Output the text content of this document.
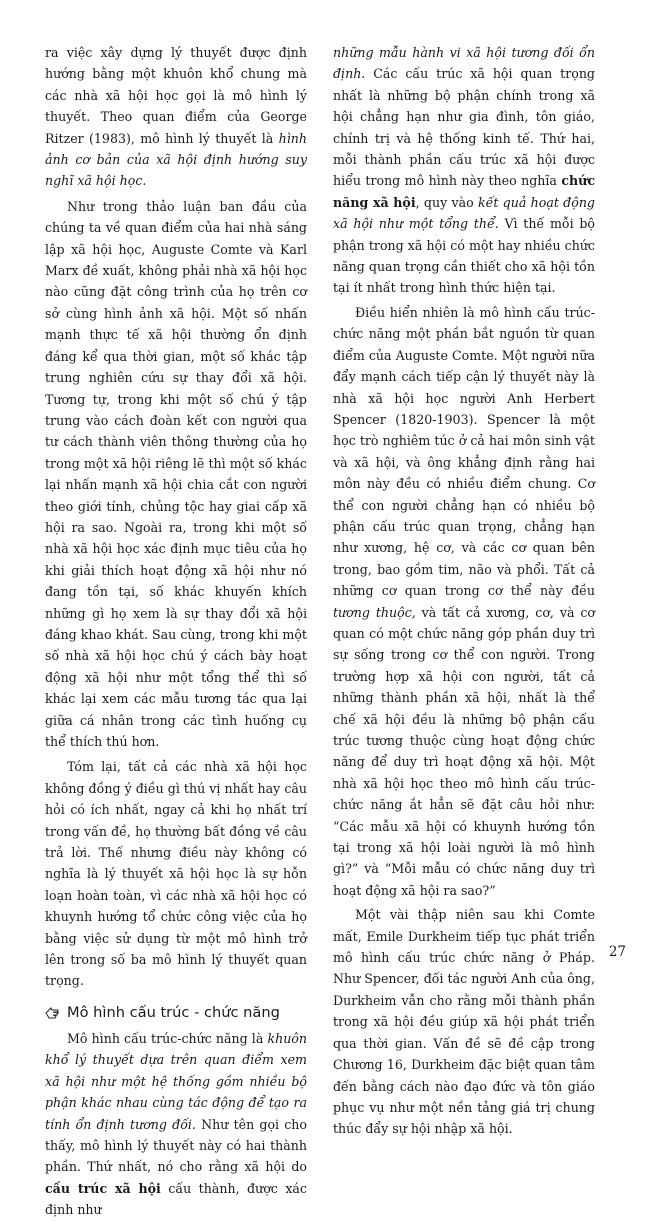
ra việc xây dựng lý thuyết được định hướng bằng một khuôn khổ chung mà các nhà xã hội học gọi là mô hình lý thuyết. Theo quan điểm của George Ritzer (1983), mô hình lý thuyết là hình ảnh cơ bản của xã hội định hướng suy nghĩ xã hội học.

Như trong thảo luận ban đầu của chúng ta về quan điểm của hai nhà sáng lập xã hội học, Auguste Comte và Karl Marx đề xuất, không phải nhà xã hội học nào cũng đặt công trình của họ trên cơ sở cùng hình ảnh xã hội. Một số nhấn mạnh thực tế xã hội thường ổn định đáng kể qua thời gian, một số khác tập trung nghiên cứu sự thay đổi xã hội. Tương tự, trong khi một số chú ý tập trung vào cách đoàn kết con người qua tư cách thành viên thông thường của họ trong một xã hội riêng lẽ thì một số khác lại nhấn mạnh xã hội chia cắt con người theo giới tính, chủng tộc hay giai cấp xã hội ra sao. Ngoài ra, trong khi một số nhà xã hội học xác định mục tiêu của họ khi giải thích hoạt động xã hội như nó đang tồn tại, số khác khuyến khích những gì họ xem là sự thay đổi xã hội đáng khao khát. Sau cùng, trong khi một số nhà xã hội học chú ý cách bày hoạt động xã hội như một tổng thể thì số khác lại xem các mẫu tương tác qua lại giữa cá nhân trong các tình huống cụ thể thích thú hơn.

Tóm lại, tất cả các nhà xã hội học không đồng ý điều gì thú vị nhất hay câu hỏi có ích nhất, ngay cả khi họ nhất trí trong vấn đề, họ thường bất đồng về câu trả lời. Thế nhưng điều này không có nghĩa là lý thuyết xã hội học là sự hỗn loạn hoàn toàn, vì các nhà xã hội học có khuynh hướng tổ chức công việc của họ bằng việc sử dụng từ một mô hình trở lên trong số ba mô hình lý thuyết quan trọng.

Mô hình cấu trúc - chức năng

Mô hình cấu trúc-chức năng là khuôn khổ lý thuyết dựa trên quan điểm xem xã hội như một hệ thống gồm nhiều bộ phận khác nhau cùng tác động để tạo ra tính ổn định tương đối. Như tên gọi cho thấy, mô hình lý thuyết này có hai thành phần. Thứ nhất, nó cho rằng xã hội do cấu trúc xã hội cấu thành, được xác định như

những mẫu hành vi xã hội tương đối ổn định. Các cấu trúc xã hội quan trọng nhất là những bộ phận chính trong xã hội chẳng hạn như gia đình, tôn giáo, chính trị và hệ thống kinh tế. Thứ hai, mỗi thành phần cấu trúc xã hội được hiểu trong mô hình này theo nghĩa chức năng xã hội, quy vào kết quả hoạt động xã hội như một tổng thể. Vì thế mỗi bộ phận trong xã hội có một hay nhiều chức năng quan trọng cần thiết cho xã hội tồn tại ít nhất trong hình thức hiện tại.

Điều hiển nhiên là mô hình cấu trúc-chức năng một phần bắt nguồn từ quan điểm của Auguste Comte. Một người nữa đẩy mạnh cách tiếp cận lý thuyết này là nhà xã hội học người Anh Herbert Spencer (1820-1903). Spencer là một học trò nghiêm túc ở cả hai môn sinh vật và xã hội, và ông khẳng định rằng hai môn này đều có nhiều điểm chung. Cơ thể con người chẳng hạn có nhiều bộ phận cấu trúc quan trọng, chẳng hạn như xương, hệ cơ, và các cơ quan bên trong, bao gồm tim, não và phổi. Tất cả những cơ quan trong cơ thể này đều tương thuộc, và tất cả xương, cơ, và cơ quan có một chức năng góp phần duy trì sự sống trong cơ thể con người. Trong trường hợp xã hội con người, tất cả những thành phần xã hội, nhất là thể chế xã hội đều là những bộ phận cấu trúc tương thuộc cùng hoạt động chức năng để duy trì hoạt động xã hội. Một nhà xã hội học theo mô hình cấu trúc-chức năng ắt hẳn sẽ đặt câu hỏi như: “Các mẫu xã hội có khuynh hướng tồn tại trong xã hội loài người là mô hình gì?” và “Mỗi mẫu có chức năng duy trì hoạt động xã hội ra sao?”

Một vài thập niên sau khi Comte mất, Emile Durkheim tiếp tục phát triển mô hình cấu trúc chức năng ở Pháp. Như Spencer, đối tác người Anh của ông, Durkheim vẫn cho rằng mỗi thành phần trong xã hội đều giúp xã hội phát triển qua thời gian. Vấn đề sẽ đề cập trong Chương 16, Durkheim đặc biệt quan tâm đến bằng cách nào đạo đức và tôn giáo phục vụ như một nền tảng giá trị chung thúc đẩy sự hội nhập xã hội.

27
